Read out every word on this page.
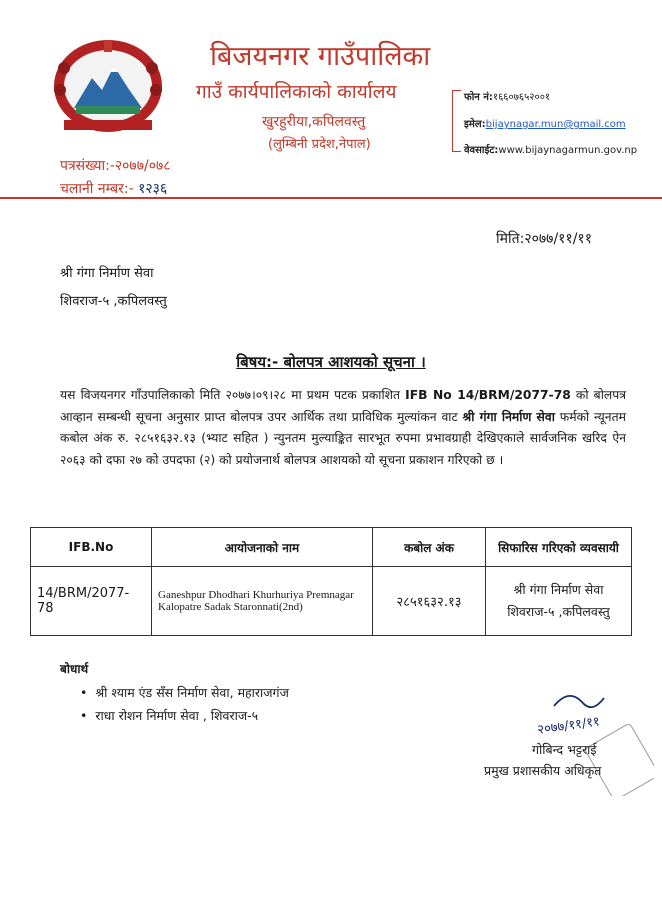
बिजयनगर गाउँपालिका
गाउँ कार्यपालिकाको कार्यालय
खुरहुरीया,कपिलवस्तु
(लुम्बिनी प्रदेश,नेपाल)
फोन नं:१६६०७६५२००१
इमेल:bijaynagar.mun@gmail.com
वेवसाईट:www.bijaynagarmun.gov.np
पत्रसंख्या:-२०७७/०७८
चलानी नम्बर:- १२३६
मिति:२०७७/११/११
श्री गंगा निर्माण सेवा
शिवराज-५ ,कपिलवस्तु
बिषय:- बोलपत्र आशयको सूचना ।
यस विजयनगर गाँउपालिकाको मिति २०७७।०९।२८ मा प्रथम पटक प्रकाशित IFB No 14/BRM/2077-78 को बोलपत्र आव्हान सम्बन्धी सूचना अनुसार प्राप्त बोलपत्र उपर आर्थिक तथा प्राविधिक मुल्यांकन वाट श्री गंगा निर्माण सेवा फर्मको न्यूनतम कबोल अंक रु. २८५१६३२.१३ (भ्याट सहित ) न्युनतम मुल्याङ्कित सारभूत रुपमा प्रभावग्राही देखिएकाले सार्वजनिक खरिद ऐन २०६३ को दफा २७ को उपदफा (२) को प्रयोजनार्थ बोलपत्र आशयको यो सूचना प्रकाशन गरिएको छ ।
IFB.No	आयोजनाको नाम	कबोल अंक	सिफारिस गरिएको व्यवसायी
14/BRM/2077-78	Ganeshpur Dhodhari Khurhuriya Premnagar Kalopatre Sadak Staronnati(2nd)	२८५१६३२.१३	श्री गंगा निर्माण सेवा
शिवराज-५ ,कपिलवस्तु
बोधार्थ
•  श्री श्याम एंड सँस निर्माण सेवा, महाराजगंज
•  राधा रोशन निर्माण सेवा , शिवराज-५	२०७७/११/११
गोबिन्द भट्टराई
प्रमुख प्रशासकीय अधिकृत
